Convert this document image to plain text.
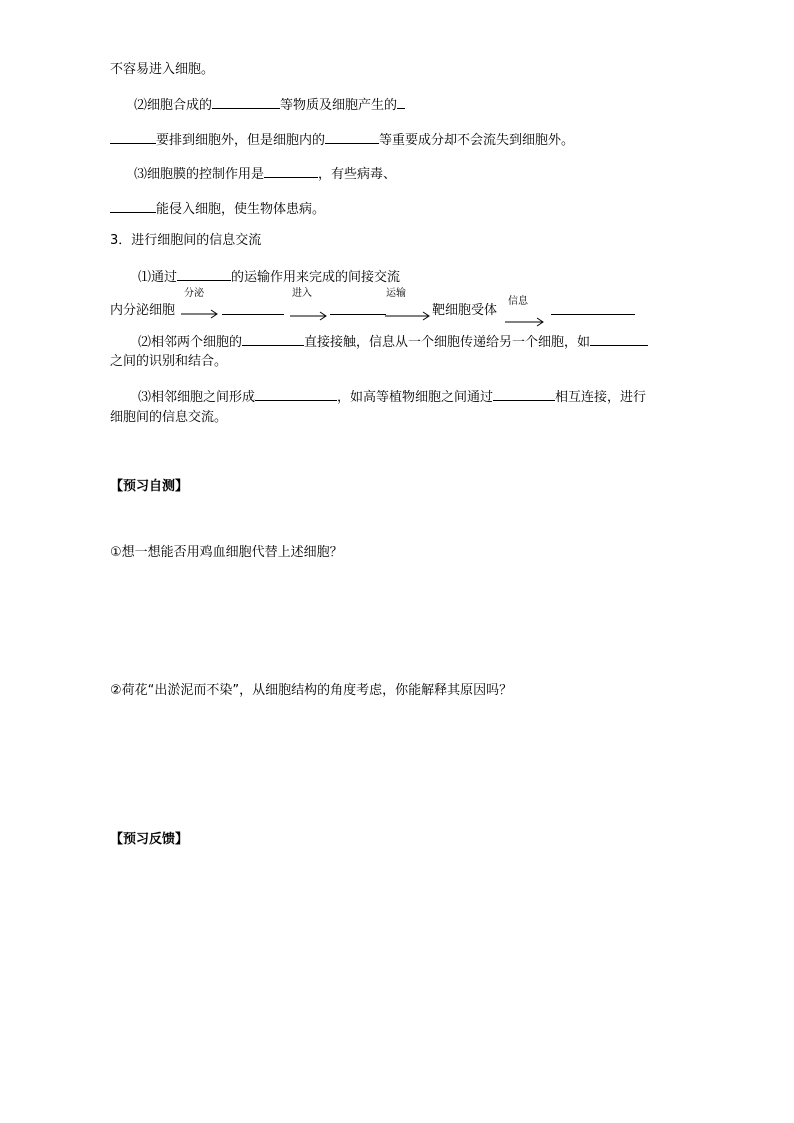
不容易进入细胞。
⑵细胞合成的	等物质及细胞产生的
要排到细胞外，但是细胞内的	等重要成分却不会流失到细胞外。
⑶细胞膜的控制作用是	，有些病毒、
能侵入细胞，使生物体患病。
3．进行细胞间的信息交流
⑴通过	的运输作用来完成的间接交流
内分泌细胞
分泌	进入	运输
靶细胞受体
信息
⑵相邻两个细胞的	直接接触，信息从一个细胞传递给另一个细胞，如
之间的识别和结合。
⑶相邻细胞之间形成	，如高等植物细胞之间通过	相互连接，进行
细胞间的信息交流。
【预习自测】
①想一想能否用鸡血细胞代替上述细胞？
②荷花“出淤泥而不染”，从细胞结构的角度考虑，你能解释其原因吗？
【预习反馈】
